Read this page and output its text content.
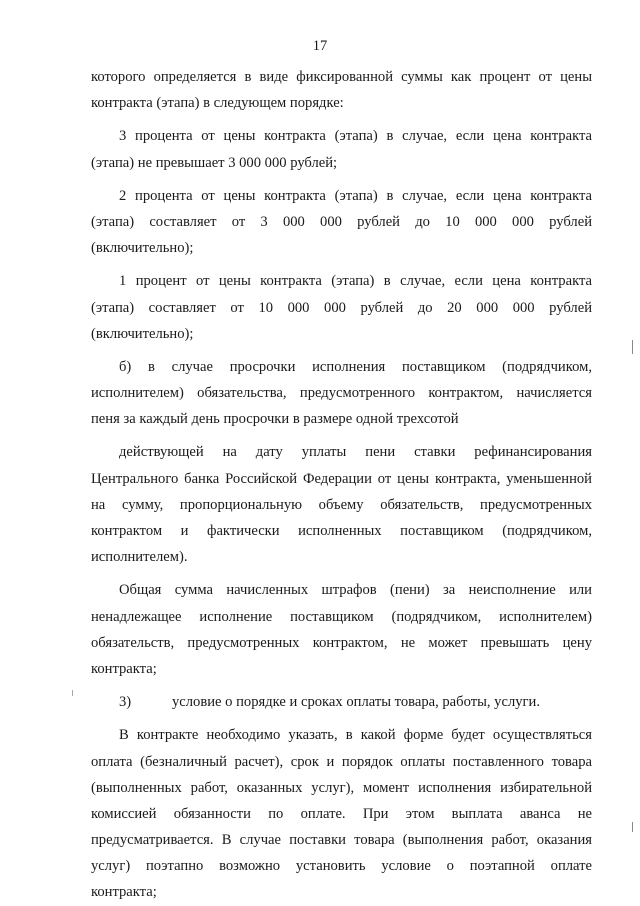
17
которого определяется в виде фиксированной суммы как процент от цены
контракта (этапа) в следующем порядке:
3 процента от цены контракта (этапа) в случае, если цена контракта
(этапа) не превышает 3 000 000 рублей;
2 процента от цены контракта (этапа) в случае, если цена контракта
(этапа) составляет от 3 000 000 рублей до 10 000 000 рублей
(включительно);
1 процент от цены контракта (этапа) в случае, если цена контракта
(этапа) составляет от 10 000 000 рублей до 20 000 000 рублей
(включительно);
б) в случае просрочки исполнения поставщиком (подрядчиком,
исполнителем) обязательства, предусмотренного контрактом, начисляется
пеня за каждый день просрочки в размере одной трехсотой
действующей на дату уплаты пени ставки рефинансирования
Центрального банка Российской Федерации от цены контракта, уменьшенной
на сумму, пропорциональную объему обязательств, предусмотренных
контрактом и фактически исполненных поставщиком (подрядчиком,
исполнителем).
Общая сумма начисленных штрафов (пени) за неисполнение или
ненадлежащее исполнение поставщиком (подрядчиком, исполнителем)
обязательств, предусмотренных контрактом, не может превышать цену
контракта;
3)	условие о порядке и сроках оплаты товара, работы, услуги.
В контракте необходимо указать, в какой форме будет осуществляться
оплата (безналичный расчет), срок и порядок оплаты поставленного товара
(выполненных работ, оказанных услуг), момент исполнения избирательной
комиссией обязанности по оплате. При этом выплата аванса не
предусматривается. В случае поставки товара (выполнения работ, оказания
услуг) поэтапно возможно установить условие о поэтапной оплате
контракта;
